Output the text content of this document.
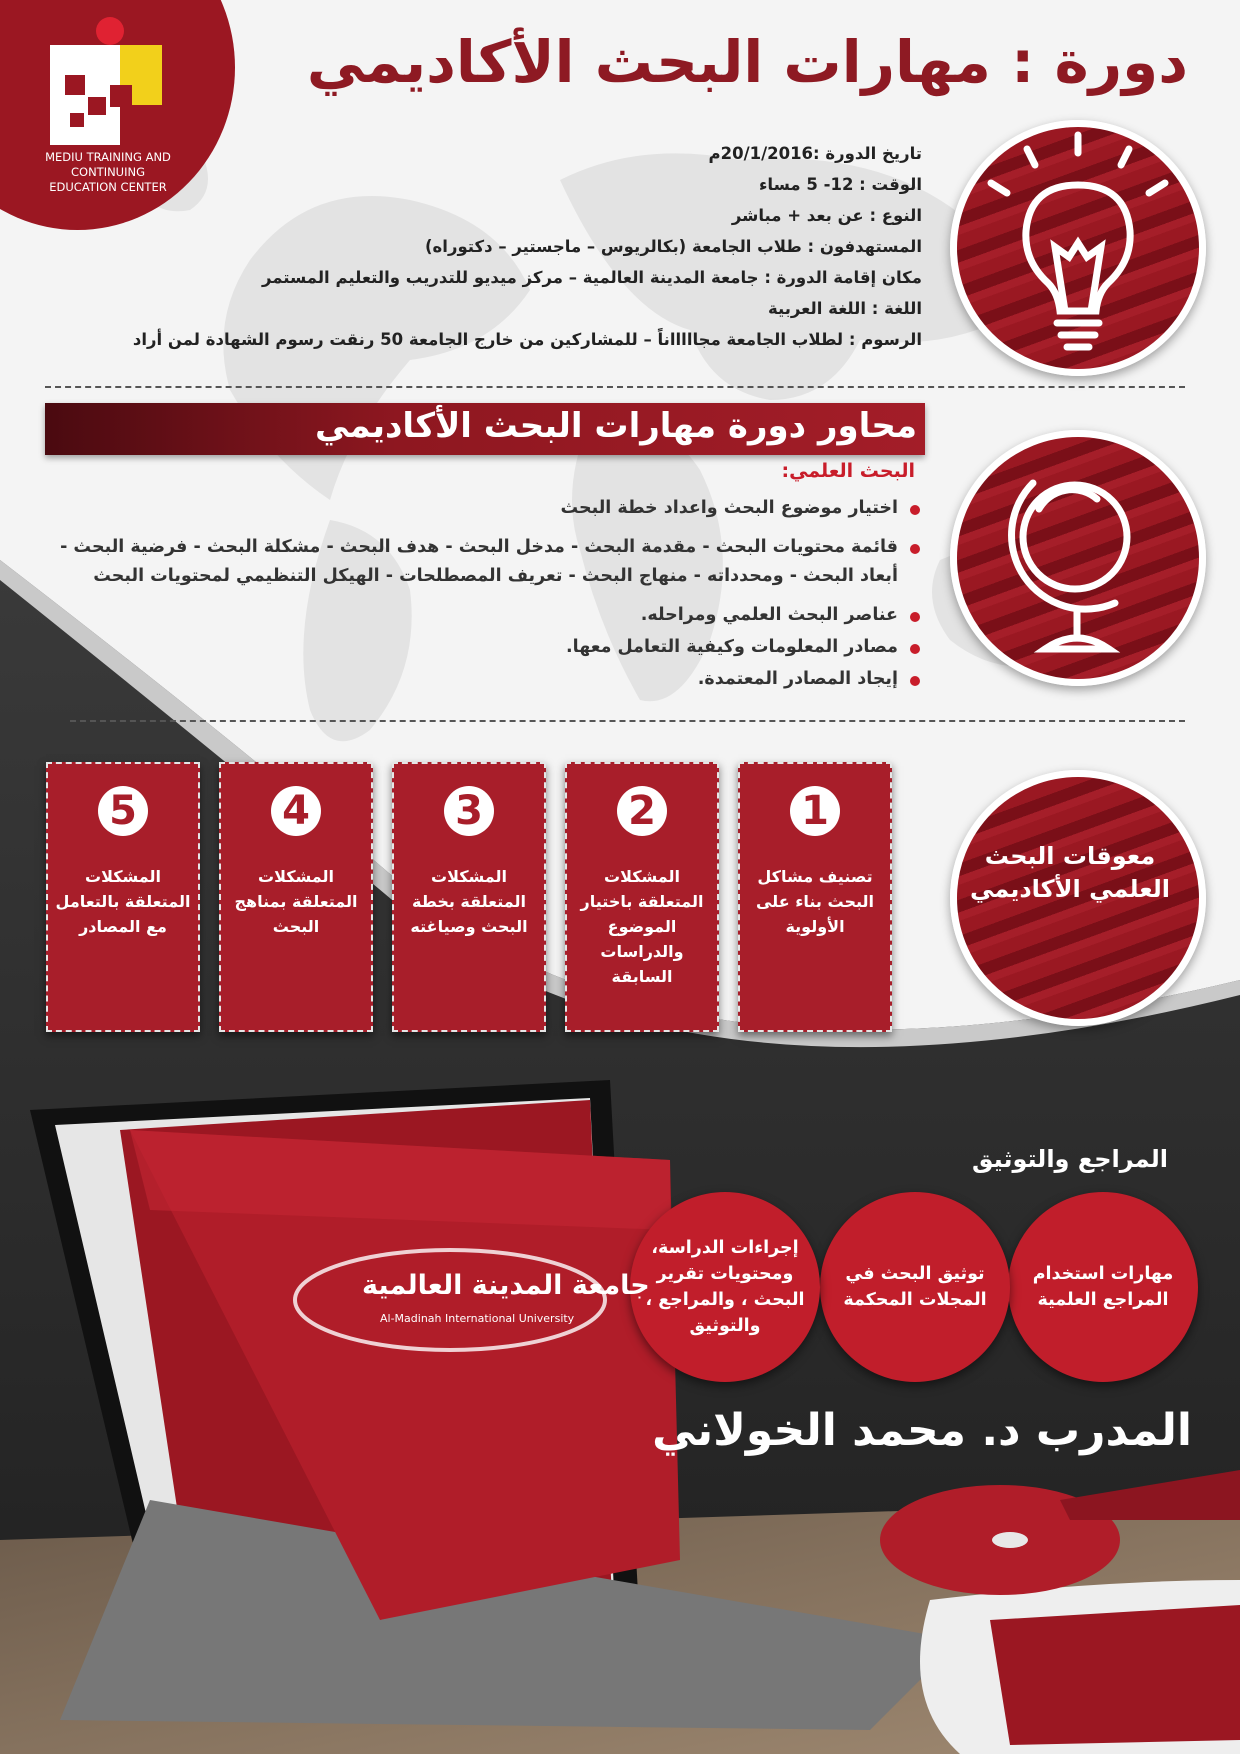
MEDIU
MEDIU TRAINING AND CONTINUING
EDUCATION CENTER
دورة : مهارات البحث الأكاديمي
تاريخ الدورة :20/1/2016م
الوقت : 12- 5 مساء
النوع : عن بعد + مباشر
المستهدفون : طلاب الجامعة (بكالريوس – ماجستير – دكتوراه)
مكان إقامة الدورة : جامعة المدينة العالمية – مركز ميديو للتدريب والتعليم المستمر
اللغة : اللغة العربية
الرسوم : لطلاب الجامعة مجاااااناً – للمشاركين من خارج الجامعة 50 رنقت رسوم الشهادة لمن أراد
محاور دورة مهارات البحث الأكاديمي
البحث العلمي:
اختيار موضوع البحث واعداد خطة البحث
قائمة محتويات البحث - مقدمة البحث - مدخل البحث - هدف البحث - مشكلة البحث - فرضية البحث - أبعاد البحث - ومحدداته - منهاج البحث - تعريف المصطلحات - الهيكل التنظيمي لمحتويات البحث
عناصر البحث العلمي ومراحله.
مصادر المعلومات وكيفية التعامل معها.
إيجاد المصادر المعتمدة.
1
تصنيف مشاكل البحث بناء على الأولوية
2
المشكلات المتعلقة باختيار الموضوع والدراسات السابقة
3
المشكلات المتعلقة بخطة البحث وصياغته
4
المشكلات المتعلقة بمناهج البحث
5
المشكلات المتعلقة بالتعامل مع المصادر
معوقات البحث العلمي الأكاديمي
المراجع والتوثيق
مهارات استخدام المراجع العلمية
توثيق البحث في المجلات المحكمة
إجراءات الدراسة، ومحتويات تقرير البحث ، والمراجع ، والتوثيق
جامعة المدينة العالمية
Al-Madinah International University
المدرب د. محمد الخولاني
